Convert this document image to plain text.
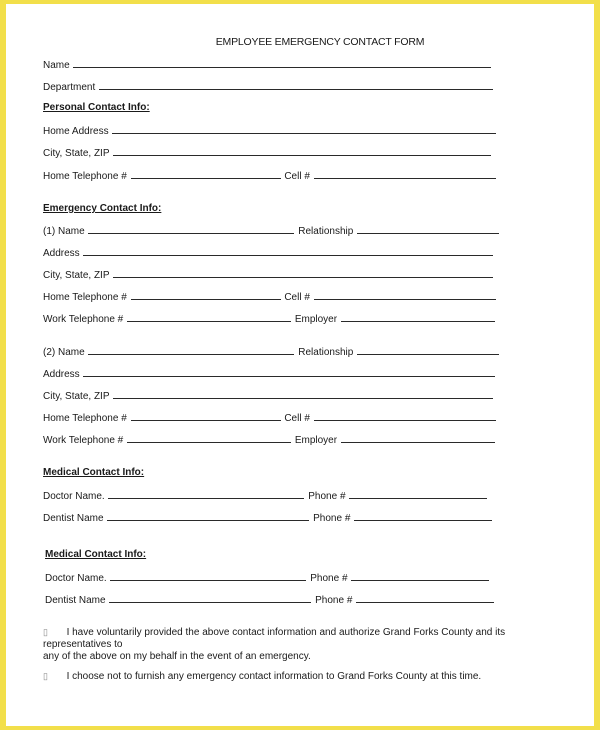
EMPLOYEE EMERGENCY CONTACT FORM
Name
Department
Personal Contact Info:
Home Address
City, State, ZIP
Home Telephone #	Cell #
Emergency Contact Info:
(1) Name	Relationship
Address
City, State, ZIP
Home Telephone #	Cell #
Work Telephone #	Employer
(2) Name	Relationship
Address
City, State, ZIP
Home Telephone #	Cell #
Work Telephone #	Employer
Medical Contact Info:
Doctor Name.	Phone #
Dentist Name	Phone #
Medical Contact Info:
Doctor Name.	Phone #
Dentist Name	Phone #
▯ I have voluntarily provided the above contact information and authorize Grand Forks County and its representatives to
any of the above on my behalf in the event of an emergency.
▯ I choose not to furnish any emergency contact information to Grand Forks County at this time.
